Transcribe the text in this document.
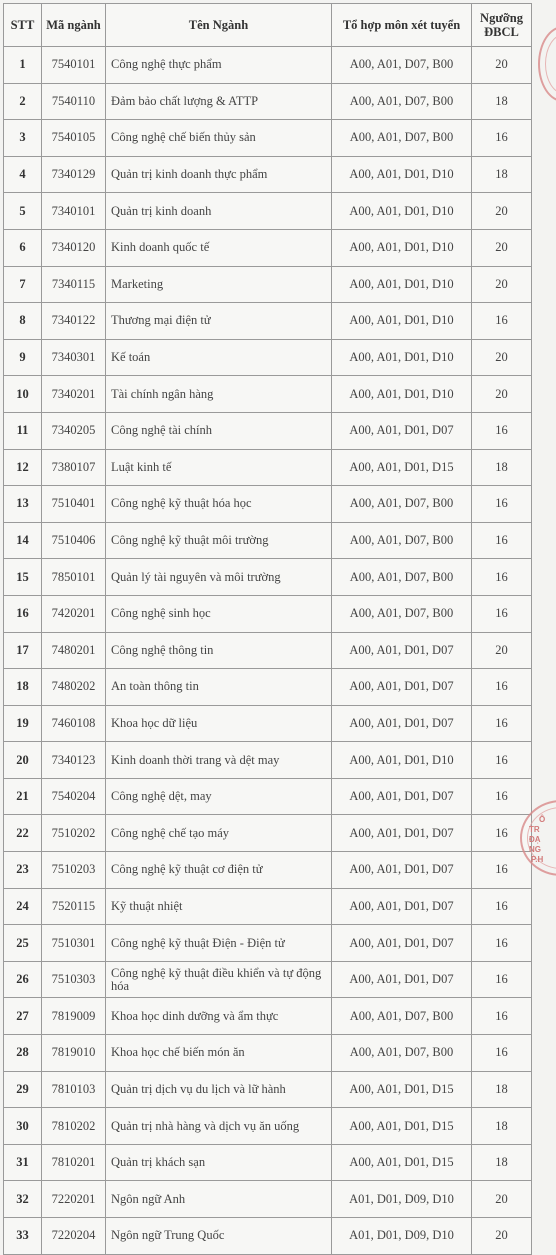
STT	Mã ngành	Tên Ngành	Tổ hợp môn xét tuyển	Ngưỡng ĐBCL
1	7540101	Công nghệ thực phẩm	A00, A01, D07, B00	20
2	7540110	Đảm bảo chất lượng & ATTP	A00, A01, D07, B00	18
3	7540105	Công nghệ chế biến thủy sản	A00, A01, D07, B00	16
4	7340129	Quản trị kinh doanh thực phẩm	A00, A01, D01, D10	18
5	7340101	Quản trị kinh doanh	A00, A01, D01, D10	20
6	7340120	Kinh doanh quốc tế	A00, A01, D01, D10	20
7	7340115	Marketing	A00, A01, D01, D10	20
8	7340122	Thương mại điện tử	A00, A01, D01, D10	16
9	7340301	Kế toán	A00, A01, D01, D10	20
10	7340201	Tài chính ngân hàng	A00, A01, D01, D10	20
11	7340205	Công nghệ tài chính	A00, A01, D01, D07	16
12	7380107	Luật kinh tế	A00, A01, D01, D15	18
13	7510401	Công nghệ kỹ thuật hóa học	A00, A01, D07, B00	16
14	7510406	Công nghệ kỹ thuật môi trường	A00, A01, D07, B00	16
15	7850101	Quản lý tài nguyên và môi trường	A00, A01, D07, B00	16
16	7420201	Công nghệ sinh học	A00, A01, D07, B00	16
17	7480201	Công nghệ thông tin	A00, A01, D01, D07	20
18	7480202	An toàn thông tin	A00, A01, D01, D07	16
19	7460108	Khoa học dữ liệu	A00, A01, D01, D07	16
20	7340123	Kinh doanh thời trang và dệt may	A00, A01, D01, D10	16
21	7540204	Công nghệ dệt, may	A00, A01, D01, D07	16
22	7510202	Công nghệ chế tạo máy	A00, A01, D01, D07	16
23	7510203	Công nghệ kỹ thuật cơ điện tử	A00, A01, D01, D07	16
24	7520115	Kỹ thuật nhiệt	A00, A01, D01, D07	16
25	7510301	Công nghệ kỹ thuật Điện - Điện tử	A00, A01, D01, D07	16
26	7510303	Công nghệ kỹ thuật điều khiển và tự động hóa	A00, A01, D01, D07	16
27	7819009	Khoa học dinh dưỡng và ẩm thực	A00, A01, D07, B00	16
28	7819010	Khoa học chế biến món ăn	A00, A01, D07, B00	16
29	7810103	Quản trị dịch vụ du lịch và lữ hành	A00, A01, D01, D15	18
30	7810202	Quản trị nhà hàng và dịch vụ ăn uống	A00, A01, D01, D15	18
31	7810201	Quản trị khách sạn	A00, A01, D01, D15	18
32	7220201	Ngôn ngữ Anh	A01, D01, D09, D10	20
33	7220204	Ngôn ngữ Trung Quốc	A01, D01, D09, D10	20
Ô
TR
ĐẠ
NG
P.H
